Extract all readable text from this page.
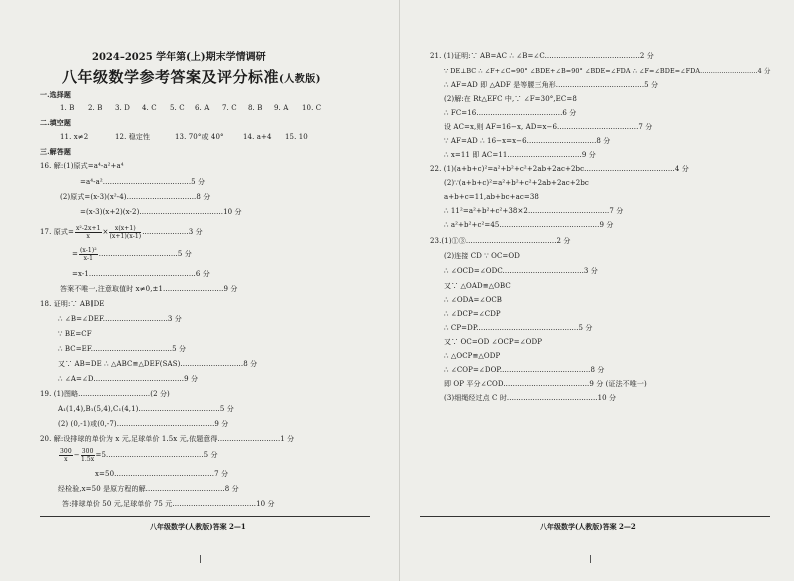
2024–2025 学年第(上)期末学情调研
八年级数学参考答案及评分标准(人教版)
一.选择题
1. B 2. B 3. D 4. C 5. C 6. A 7. C 8. B 9. A 10. C
二.填空题
11. x≠2	12. 稳定性	13. 70°或 40°	14. a+4 15. 10
三.解答题
16. 解:(1)原式=a⁴-a²+a⁴
=a⁴-a²......................................5 分
(2)原式=(x-3)(x²-4)..............................8 分
=(x-3)(x+2)(x-2)....................................10 分
17. 原式= $\frac{\text{x²-2x+1}}{x} \times \frac{x(x+1)}{(x+1)(x-1)} ....................3$ 分
= $\frac{\text{(x-1)²}}{x-1} ..................................5$ 分
=x-1..............................................6 分
答案不唯一,注意取值时 x≠0,±1..........................9 分
18. 证明:∵ AB∥DE
∴ ∠B=∠DEF............................3 分
∵ BE=CF
∴ BC=EF...................................5 分
又∵ AB=DE ∴ △ABC≌△DEF(SAS)...........................8 分
∴ ∠A=∠D.......................................9 分
19. (1)图略...............................(2 分)
A₁(1,4),B₁(5,4),C₁(4,1)...................................5 分
(2) (0,-1)或(0,-7)..........................................9 分
20. 解:设排球的单价为 x 元,足球单价 1.5x 元,依题意得...........................1 分
$\frac{300}{x} - \frac{300}{1.5x} =5..........................................5$ 分
x=50...........................................7 分
经检验,x=50 是原方程的解..................................8 分
答:排球单价 50 元,足球单价 75 元....................................10 分
八年级数学(人教版)答案 2—1
21. (1)证明:∵ AB=AC ∴ ∠B=∠C.........................................2 分
∵ DE⊥BC ∴ ∠F+∠C=90° ∠BDE+∠B=90° ∠BDE=∠FDA ∴ ∠F=∠BDE=∠FDA...........................4 分
∴ AF=AD 即 △ADF 是等腰三角形......................................5 分
(2)解:在 Rt△EFC 中,∵ ∠F=30°,EC=8
∴ FC=16.....................................6 分
设 AC=x,则 AF=16−x, AD=x−6...................................7 分
∵ AF=AD ∴ 16−x=x−6..............................8 分
∴ x=11 即 AC=11................................9 分
22. (1)(a+b+c)²=a²+b²+c²+2ab+2ac+2bc.......................................4 分
(2)∵(a+b+c)²=a²+b²+c²+2ab+2ac+2bc
a+b+c=11,ab+bc+ac=38
∴ 11²=a²+b²+c²+38×2...................................7 分
∴ a²+b²+c²=45...........................................9 分
23.(1)①③.......................................2 分
(2)连接 CD ∵ OC=OD
∴ ∠OCD=∠ODC...................................3 分
又∵ △OAD≌△OBC
∴ ∠ODA=∠OCB
∴ ∠DCP=∠CDP
∴ CP=DP............................................5 分
又∵ OC=OD ∠OCP=∠ODP
∴ △OCP≌△ODP
∴ ∠COP=∠DOP.......................................8 分
即 OP 平分∠COD.....................................9 分 (证法不唯一)
(3)细绳经过点 C 时.......................................10 分
八年级数学(人教版)答案 2—2
